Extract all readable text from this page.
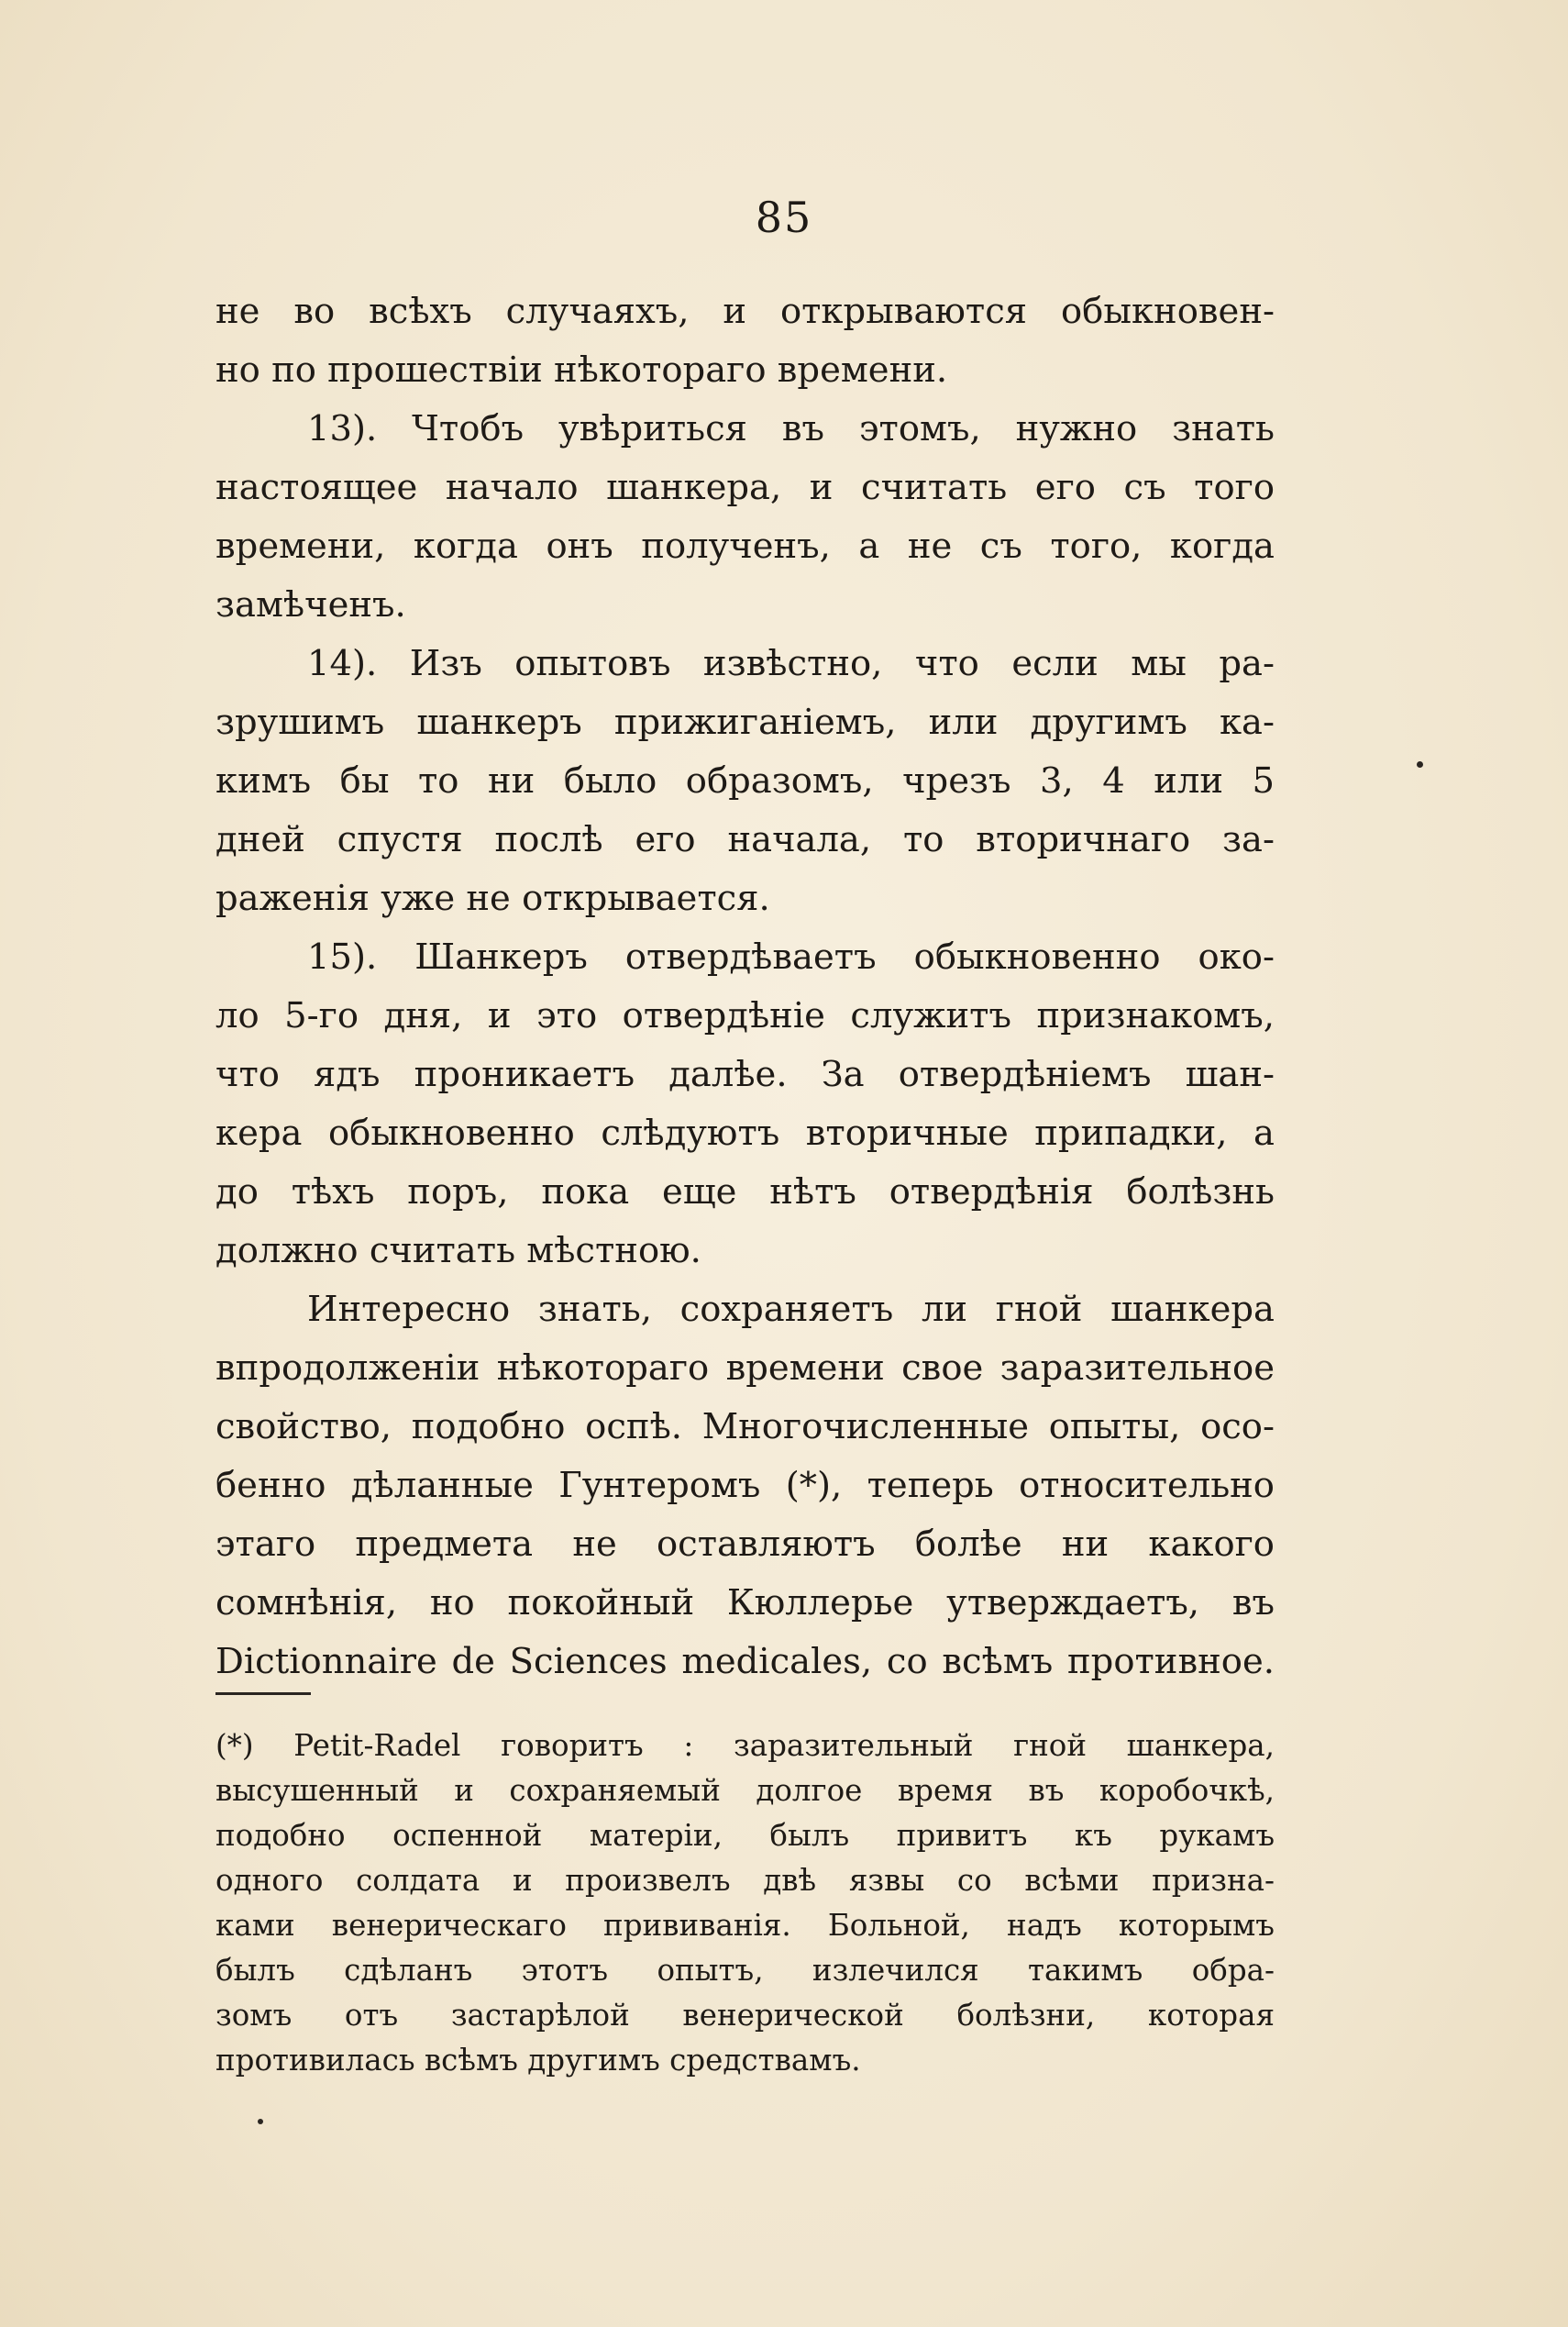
85
не во всѣхъ случаяхъ, и открываются обыкновен-
но по прошествіи нѣкотораго времени.
13). Чтобъ увѣриться въ этомъ, нужно знать
настоящее начало шанкера, и считать его съ того
времени, когда онъ полученъ, а не съ того, когда
замѣченъ.
14). Изъ опытовъ извѣстно, что если мы ра-
зрушимъ шанкеръ прижиганіемъ, или другимъ ка-
кимъ бы то ни было образомъ, чрезъ 3, 4 или 5
дней спустя послѣ его начала, то вторичнаго за-
раженія уже не открывается.
15). Шанкеръ отвердѣваетъ обыкновенно око-
ло 5-го дня, и это отвердѣніе служитъ признакомъ,
что ядъ проникаетъ далѣе. За отвердѣніемъ шан-
кера обыкновенно слѣдуютъ вторичные припадки, а
до тѣхъ поръ, пока еще нѣтъ отвердѣнія болѣзнь
должно считать мѣстною.
Интересно знать, сохраняетъ ли гной шанкера
впродолженіи нѣкотораго времени свое заразительное
свойство, подобно оспѣ. Многочисленные опыты, осо-
бенно дѣланные Гунтеромъ (*), теперь относительно
этаго предмета не оставляютъ болѣе ни какого
сомнѣнія, но покойный Кюллерье утверждаетъ, въ
Dictionnaire de Sciences medicales, со всѣмъ противное.
(*) Petit-Radel говоритъ : заразительный гной шанкера,
высушенный и сохраняемый долгое время въ коробочкѣ,
подобно оспенной матеріи, былъ привитъ къ рукамъ
одного солдата и произвелъ двѣ язвы со всѣми призна-
ками венерическаго прививанія. Больной, надъ которымъ
былъ сдѣланъ этотъ опытъ, излечился такимъ обра-
зомъ отъ застарѣлой венерической болѣзни, которая
противилась всѣмъ другимъ средствамъ.
